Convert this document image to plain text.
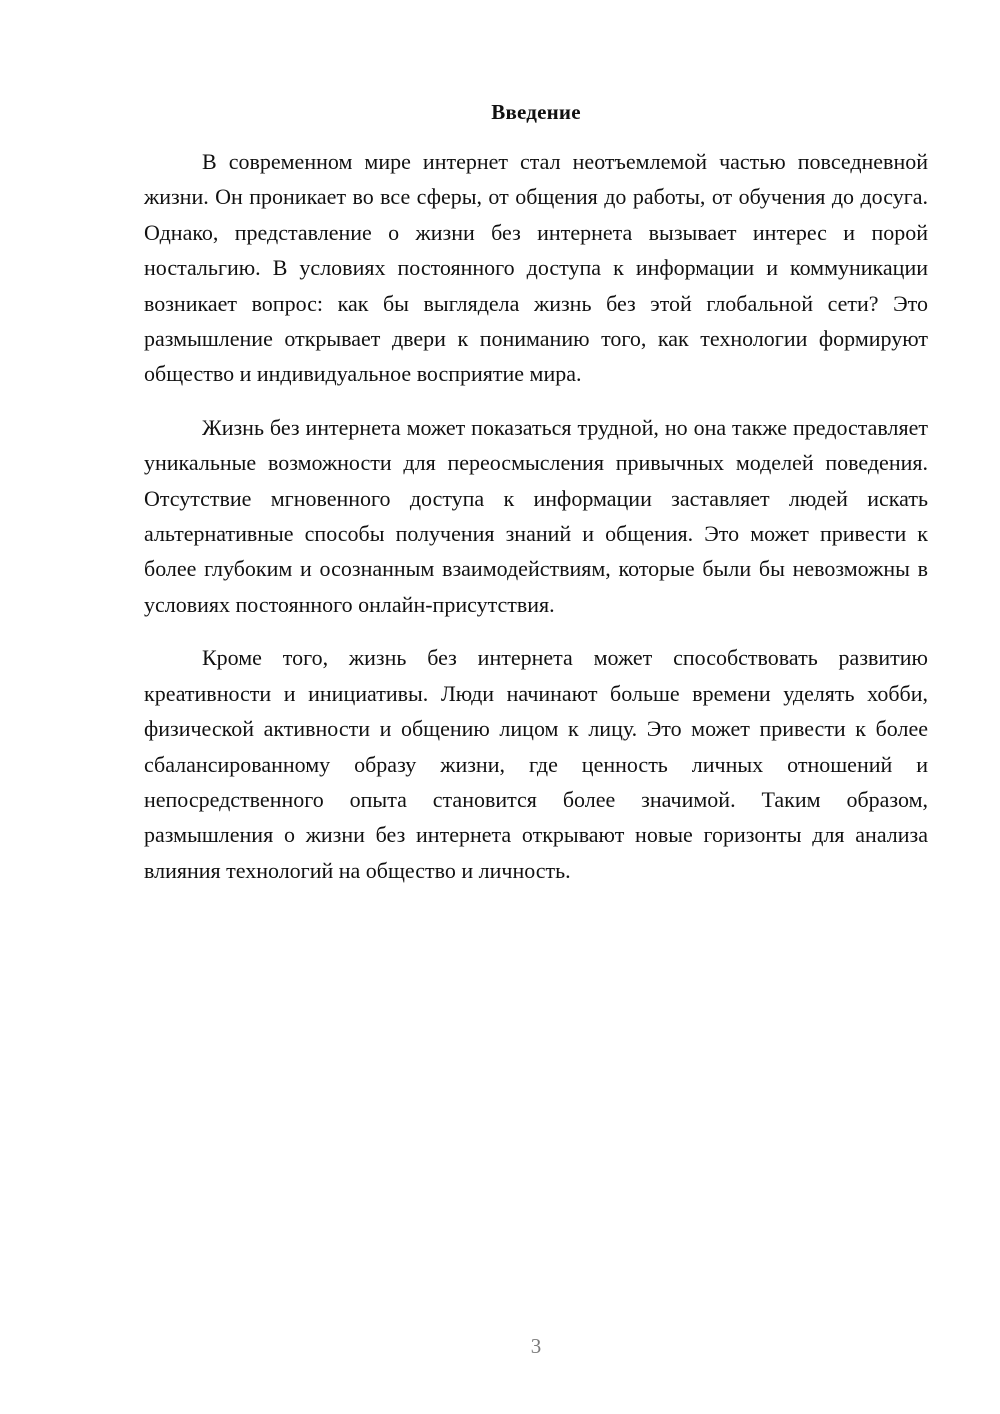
Введение

В современном мире интернет стал неотъемлемой частью повседневной жизни. Он проникает во все сферы, от общения до работы, от обучения до досуга. Однако, представление о жизни без интернета вызывает интерес и порой ностальгию. В условиях постоянного доступа к информации и коммуникации возникает вопрос: как бы выглядела жизнь без этой глобальной сети? Это размышление открывает двери к пониманию того, как технологии формируют общество и индивидуальное восприятие мира.

Жизнь без интернета может показаться трудной, но она также предоставляет уникальные возможности для переосмысления привычных моделей поведения. Отсутствие мгновенного доступа к информации заставляет людей искать альтернативные способы получения знаний и общения. Это может привести к более глубоким и осознанным взаимодействиям, которые были бы невозможны в условиях постоянного онлайн-присутствия.

Кроме того, жизнь без интернета может способствовать развитию креативности и инициативы. Люди начинают больше времени уделять хобби, физической активности и общению лицом к лицу. Это может привести к более сбалансированному образу жизни, где ценность личных отношений и непосредственного опыта становится более значимой. Таким образом, размышления о жизни без интернета открывают новые горизонты для анализа влияния технологий на общество и личность.

3
